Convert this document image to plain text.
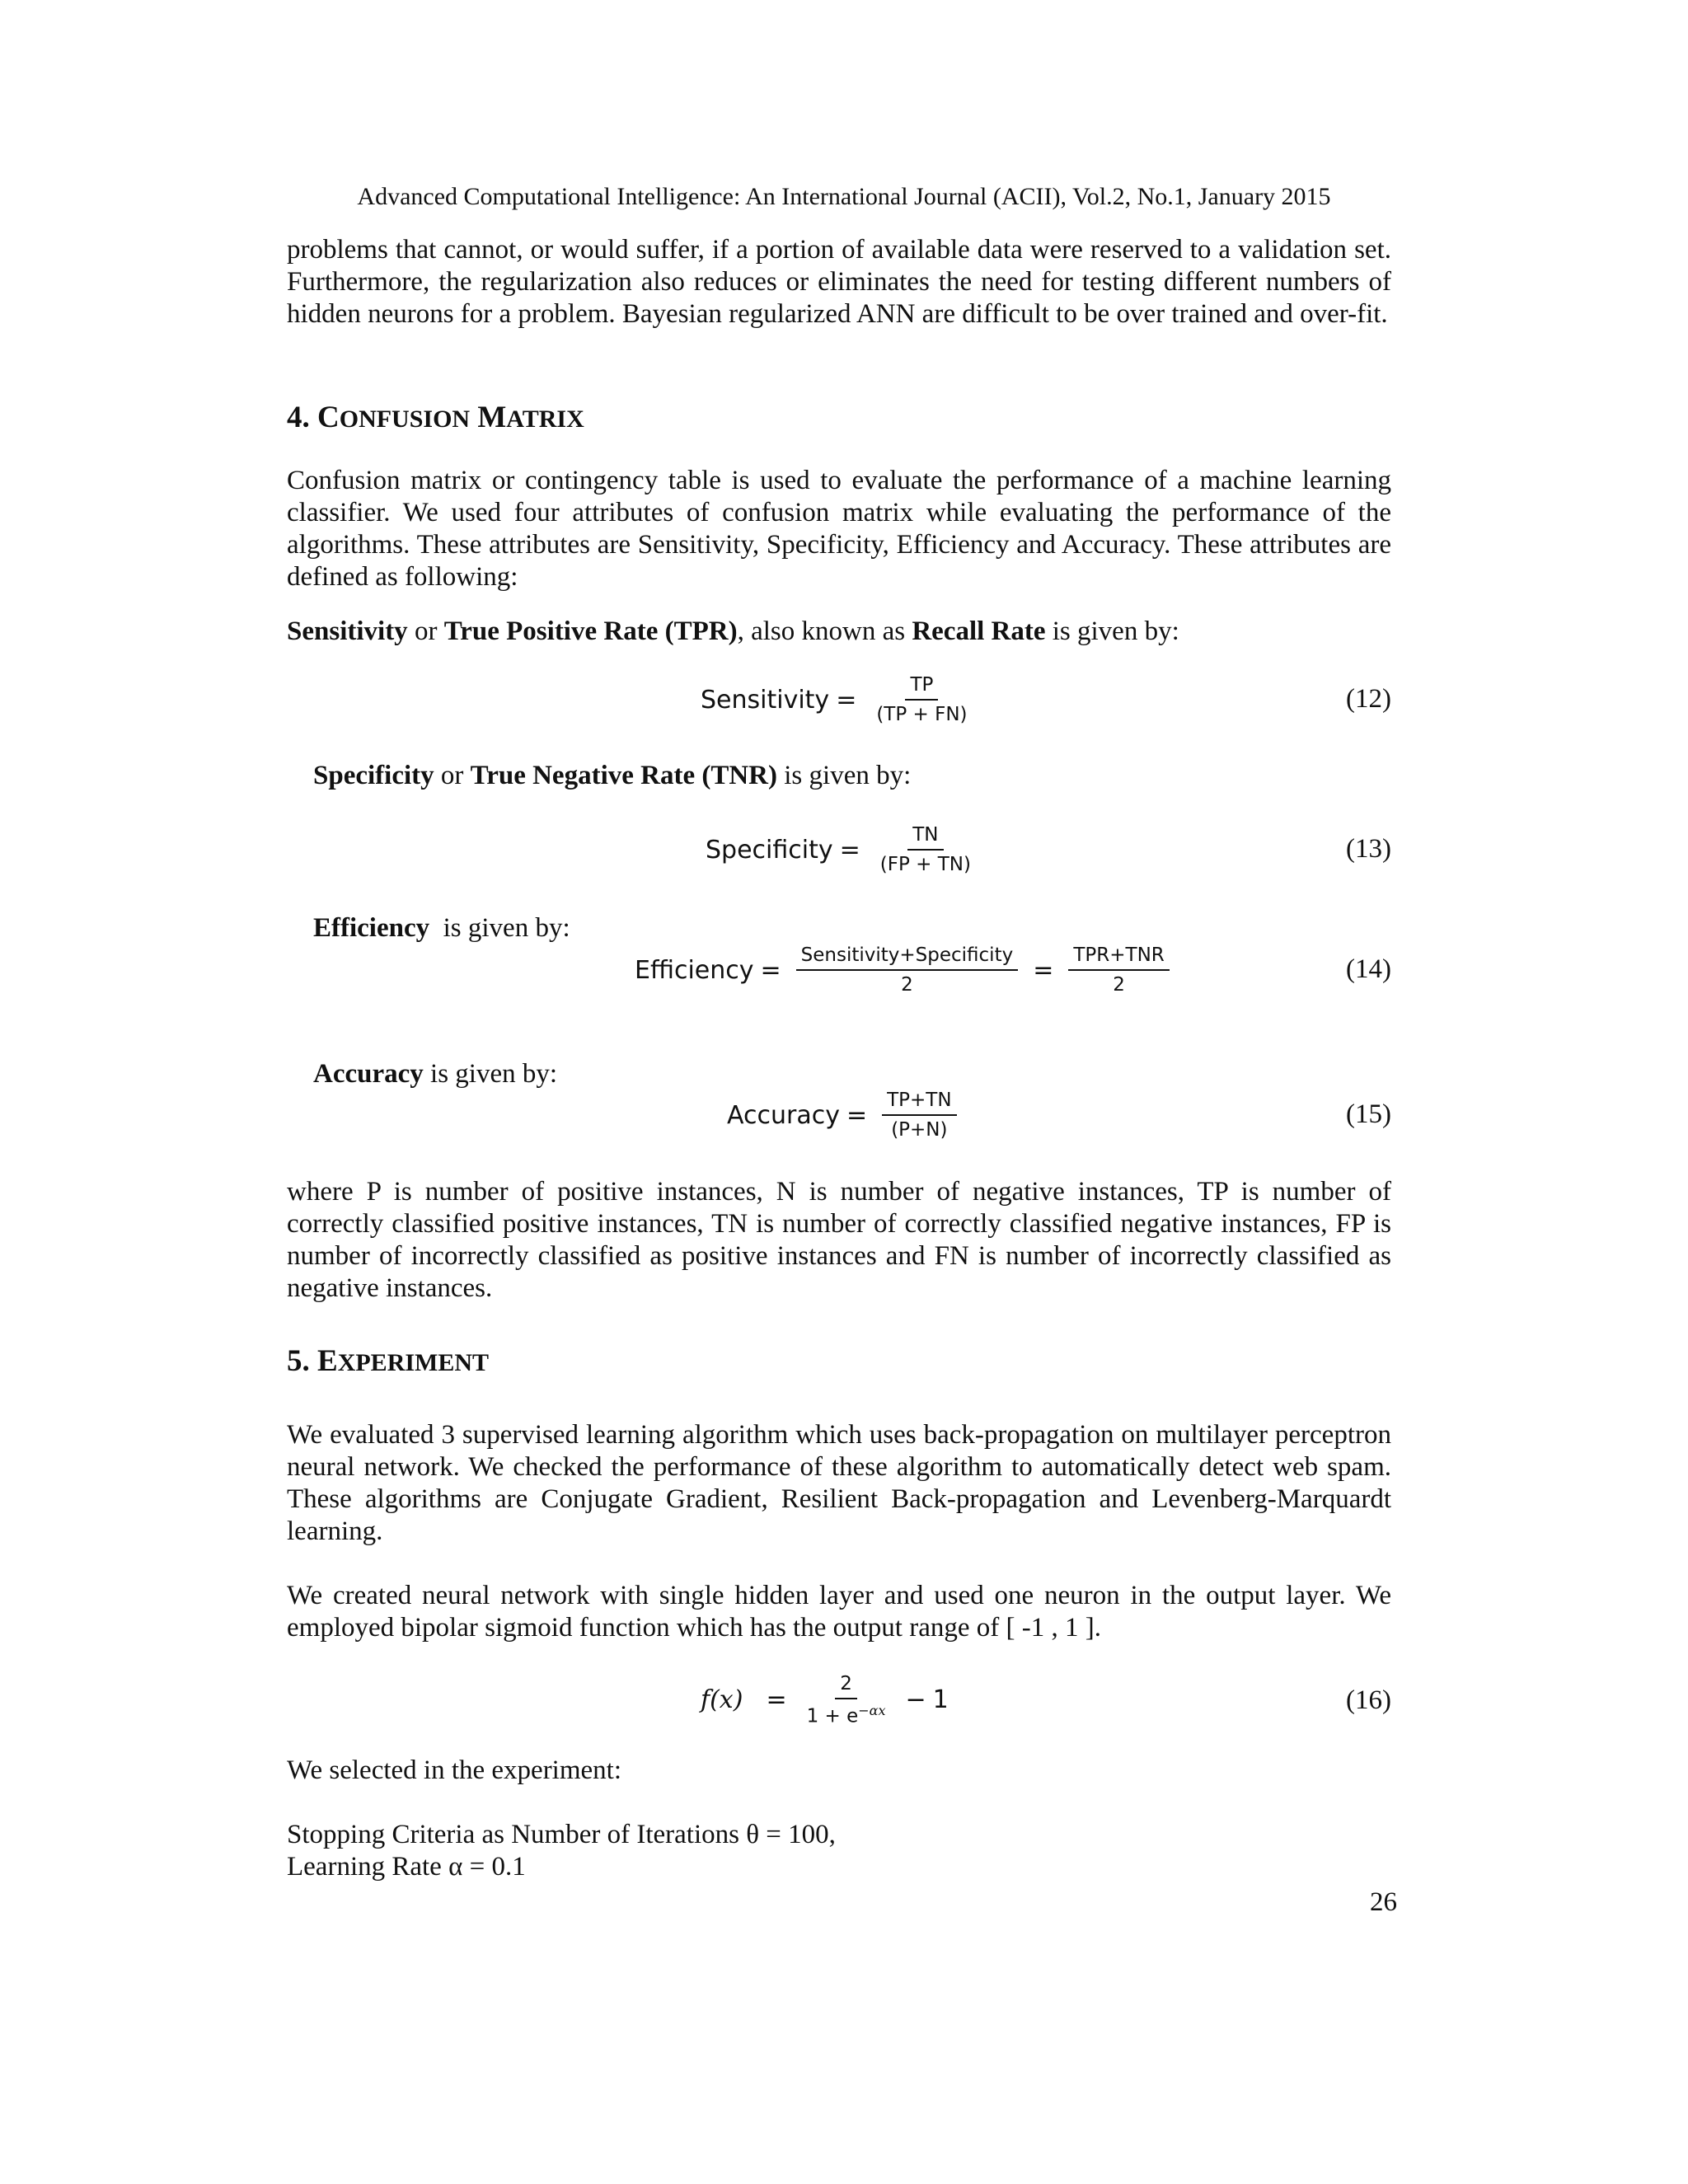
Advanced Computational Intelligence: An International Journal (ACII), Vol.2, No.1, January 2015
problems that cannot, or would suffer, if a portion of available data were reserved to a validation set. Furthermore, the regularization also reduces or eliminates the need for testing different numbers of hidden neurons for a problem. Bayesian regularized ANN are difficult to be over trained and over-fit.
4. CONFUSION MATRIX
Confusion matrix or contingency table is used to evaluate the performance of a machine learning classifier. We used four attributes of confusion matrix while evaluating the performance of the algorithms. These attributes are Sensitivity, Specificity, Efficiency and Accuracy. These attributes are defined as following:
Sensitivity or True Positive Rate (TPR), also known as Recall Rate is given by:
Sensitivity = $\frac{TP}{(TP + FN)}$	(12)
Specificity or True Negative Rate (TNR) is given by:
Specificity = $\frac{TN}{(FP + TN)}$	(13)
Efficiency  is given by:
Efficiency = $\frac{\text{Sensitivity+Specificity}}{2} = \frac{\text{TPR+TNR}}{2}$	(14)
Accuracy is given by:
Accuracy = $\frac{TP+TN}{(P+N)}$	(15)
where P is number of positive instances, N is number of negative instances, TP is number of correctly classified positive instances, TN is number of correctly classified negative instances, FP is number of incorrectly classified as positive instances and FN is number of incorrectly classified as negative instances.
5. EXPERIMENT
We evaluated 3 supervised learning algorithm which uses back-propagation on multilayer perceptron neural network. We checked the performance of these algorithm to automatically detect web spam. These algorithms are Conjugate Gradient, Resilient Back-propagation and Levenberg-Marquardt learning.
We created neural network with single hidden layer and used one neuron in the output layer. We employed bipolar sigmoid function which has the output range of [ -1 , 1 ].
$f(x) = \frac{2}{1 + e^{-\alpha x}} - 1$	(16)
We selected in the experiment:
Stopping Criteria as Number of Iterations θ = 100,
Learning Rate α = 0.1
26
